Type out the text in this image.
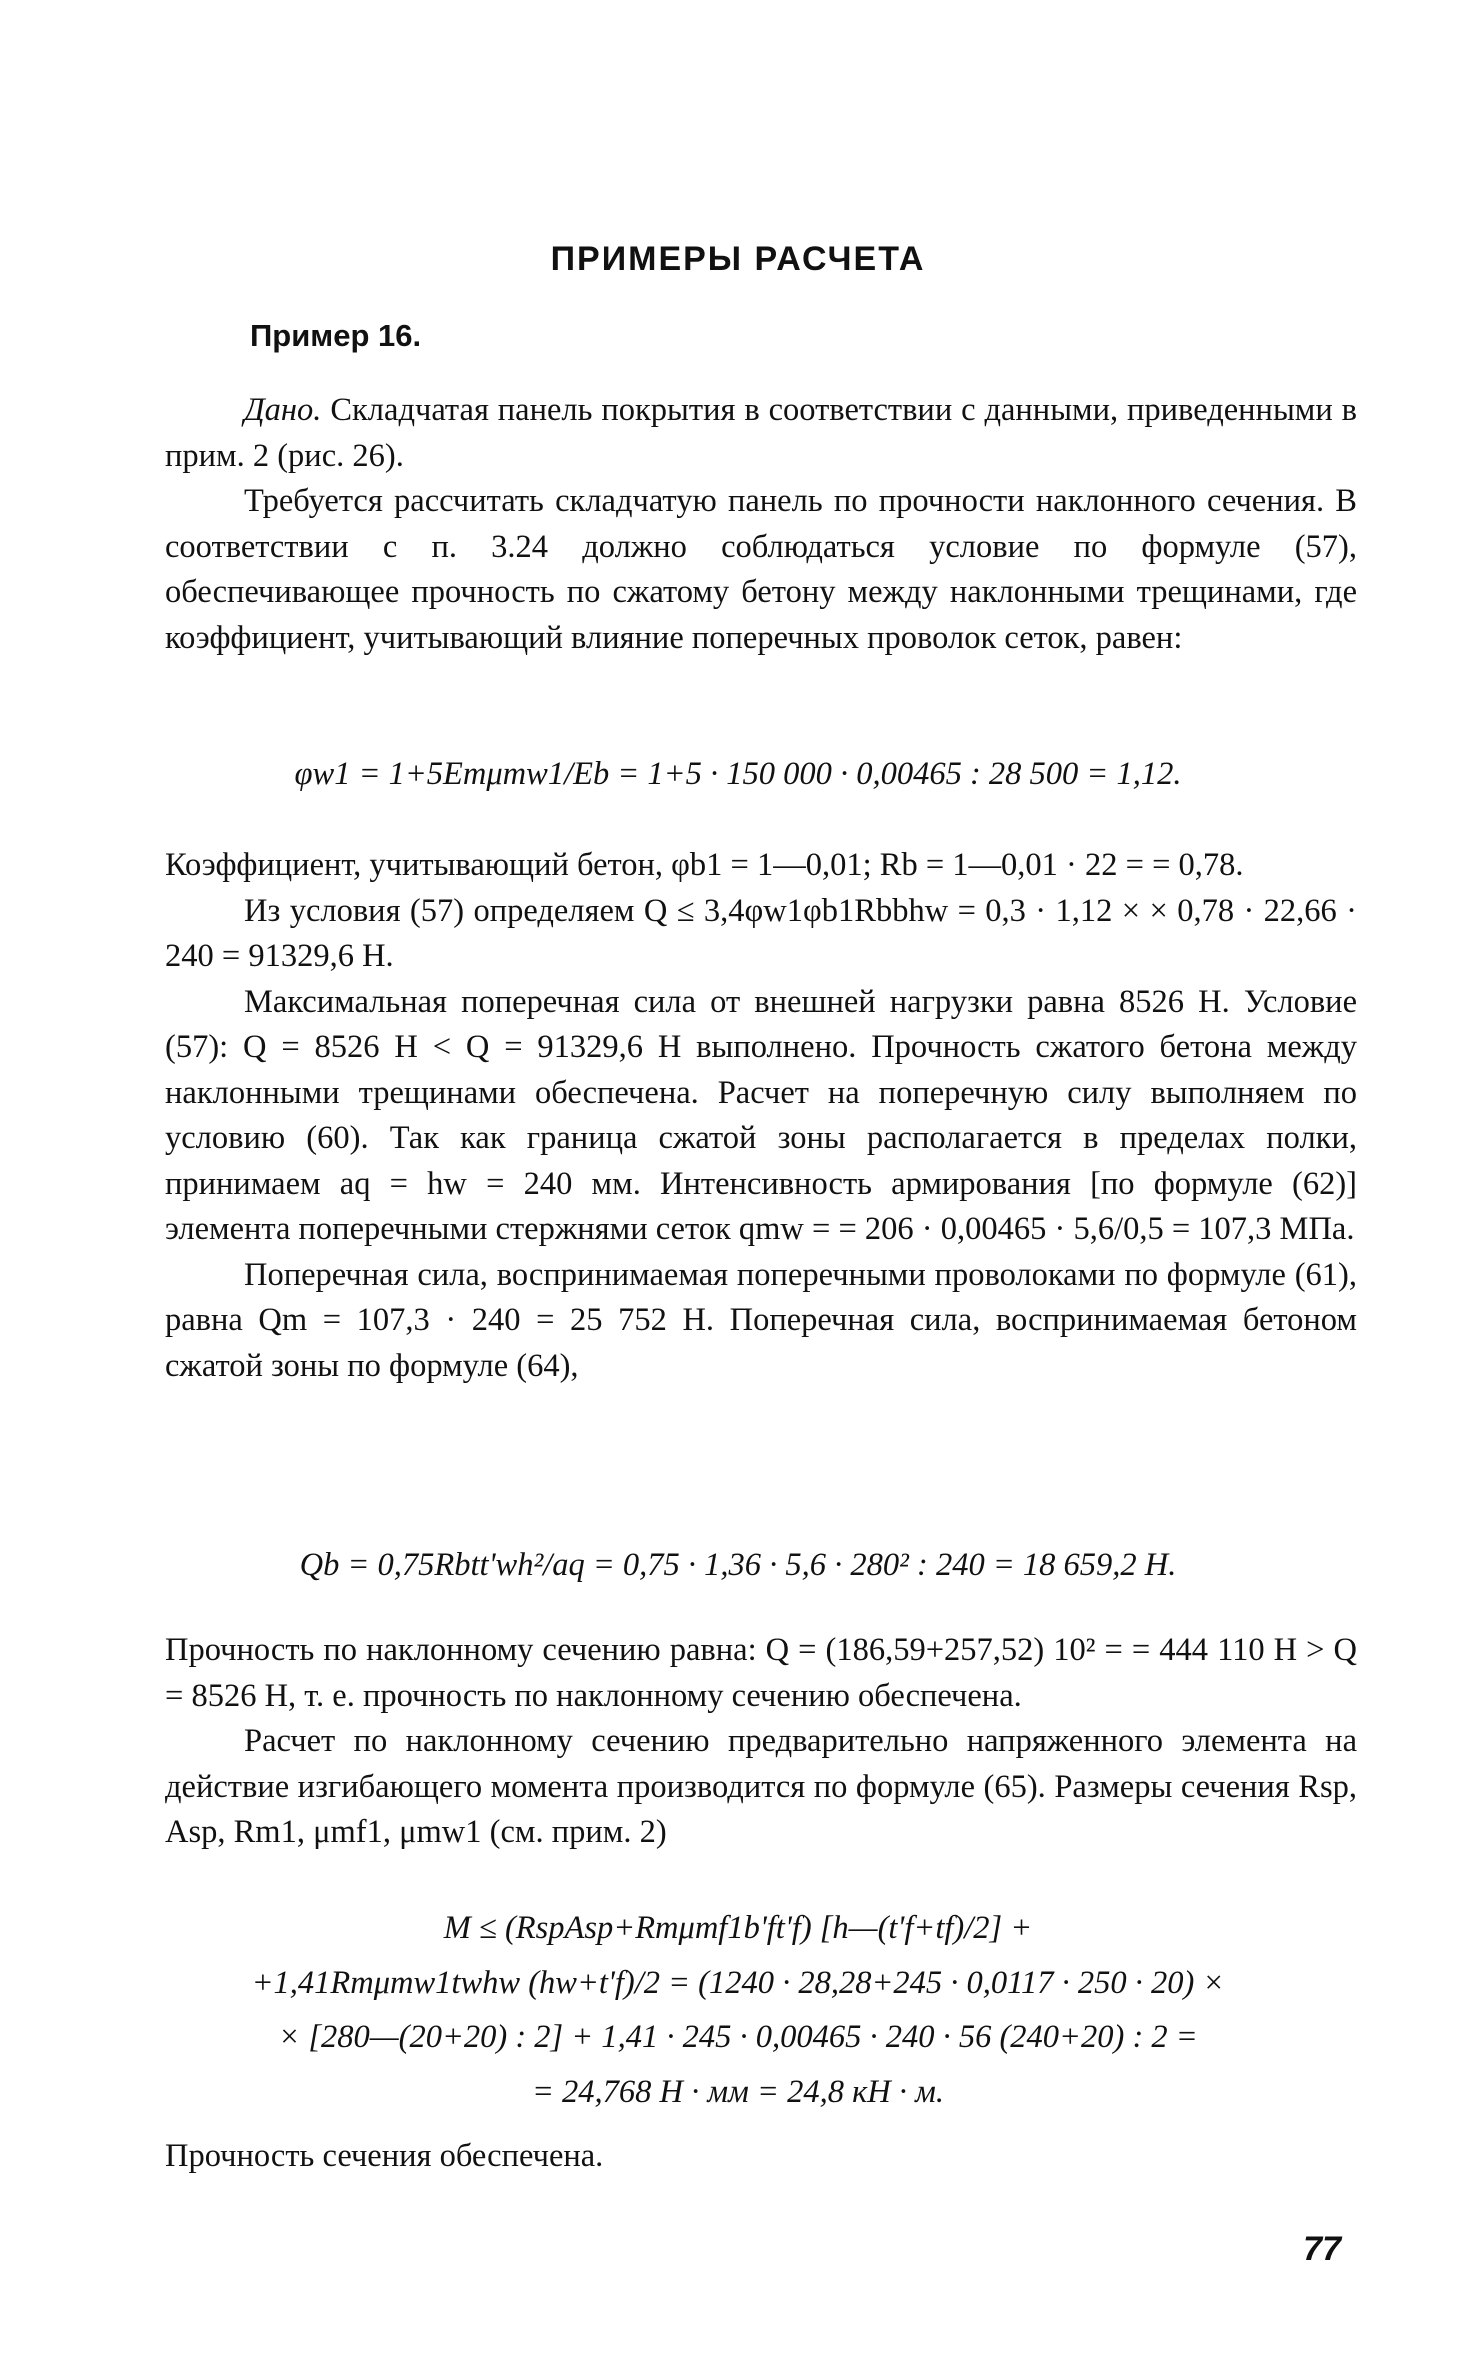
ПРИМЕРЫ РАСЧЕТА
Пример 16.

Дано. Складчатая панель покрытия в соответствии с данными, приведенными в прим. 2 (рис. 26).

Требуется рассчитать складчатую панель по прочности наклонного сечения. В соответствии с п. 3.24 должно соблюдаться условие по формуле (57), обеспечивающее прочность по сжатому бетону между наклонными трещинами, где коэффициент, учитывающий влияние поперечных проволок сеток, равен:

φw1 = 1+5Emμmw1/Eb = 1+5 · 150 000 · 0,00465 : 28 500 = 1,12.

Коэффициент, учитывающий бетон, φb1 = 1—0,01; Rb = 1—0,01 · 22 = = 0,78.

Из условия (57) определяем Q ≤ 3,4φw1φb1Rbbhw = 0,3 · 1,12 × × 0,78 · 22,66 · 240 = 91329,6 Н.

Максимальная поперечная сила от внешней нагрузки равна 8526 Н. Условие (57): Q = 8526 Н < Q = 91329,6 Н выполнено. Прочность сжатого бетона между наклонными трещинами обеспечена. Расчет на поперечную силу выполняем по условию (60). Так как граница сжатой зоны располагается в пределах полки, принимаем aq = hw = 240 мм. Интенсивность армирования [по формуле (62)] элемента поперечными стержнями сеток qmw = = 206 · 0,00465 · 5,6/0,5 = 107,3 МПа.

Поперечная сила, воспринимаемая поперечными проволоками по формуле (61), равна Qm = 107,3 · 240 = 25 752 Н. Поперечная сила, воспринимаемая бетоном сжатой зоны по формуле (64),

Qb = 0,75Rbtt'wh²/aq = 0,75 · 1,36 · 5,6 · 280² : 240 = 18 659,2 Н.

Прочность по наклонному сечению равна: Q = (186,59+257,52) 10² = = 444 110 Н > Q = 8526 Н, т. е. прочность по наклонному сечению обеспечена.

Расчет по наклонному сечению предварительно напряженного элемента на действие изгибающего момента производится по формуле (65). Размеры сечения Rsp, Asp, Rm1, μmf1, μmw1 (см. прим. 2)

M ≤ (RspAsp+Rmμmf1b'ft'f) [h—(t'f+tf)/2] +
+1,41Rmμmw1twhw (hw+t'f)/2 = (1240 · 28,28+245 · 0,0117 · 250 · 20) ×
× [280—(20+20) : 2] + 1,41 · 245 · 0,00465 · 240 · 56 (240+20) : 2 =
= 24,768 Н · мм = 24,8 кН · м.

Прочность сечения обеспечена.

77
